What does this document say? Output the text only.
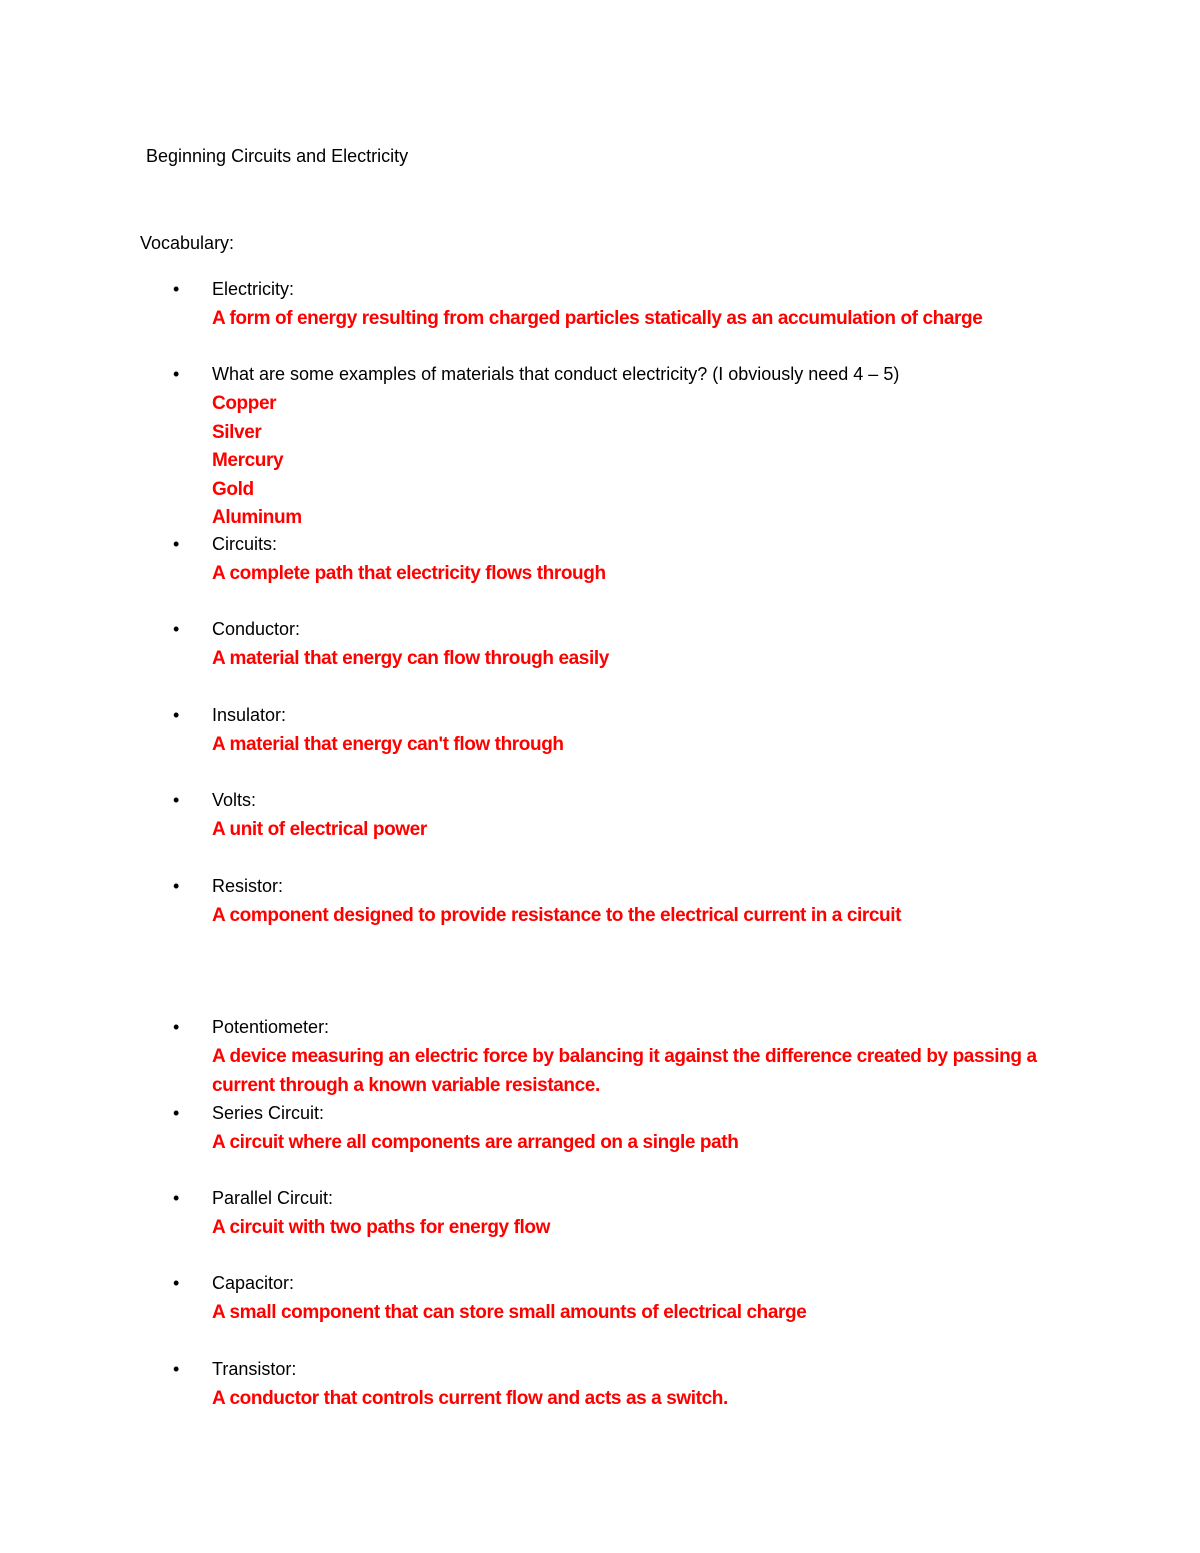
Beginning Circuits and Electricity
Vocabulary:
• Electricity:
A form of energy resulting from charged particles statically as an accumulation of charge
• What are some examples of materials that conduct electricity? (I obviously need 4 – 5)
Copper
Silver
Mercury
Gold
Aluminum
• Circuits:
A complete path that electricity flows through
• Conductor:
A material that energy can flow through easily
• Insulator:
A material that energy can't flow through
• Volts:
A unit of electrical power
• Resistor:
A component designed to provide resistance to the electrical current in a circuit
• Potentiometer:
A device measuring an electric force by balancing it against the difference created by passing a current through a known variable resistance.
• Series Circuit:
A circuit where all components are arranged on a single path
• Parallel Circuit:
A circuit with two paths for energy flow
• Capacitor:
A small component that can store small amounts of electrical charge
• Transistor:
A conductor that controls current flow and acts as a switch.
